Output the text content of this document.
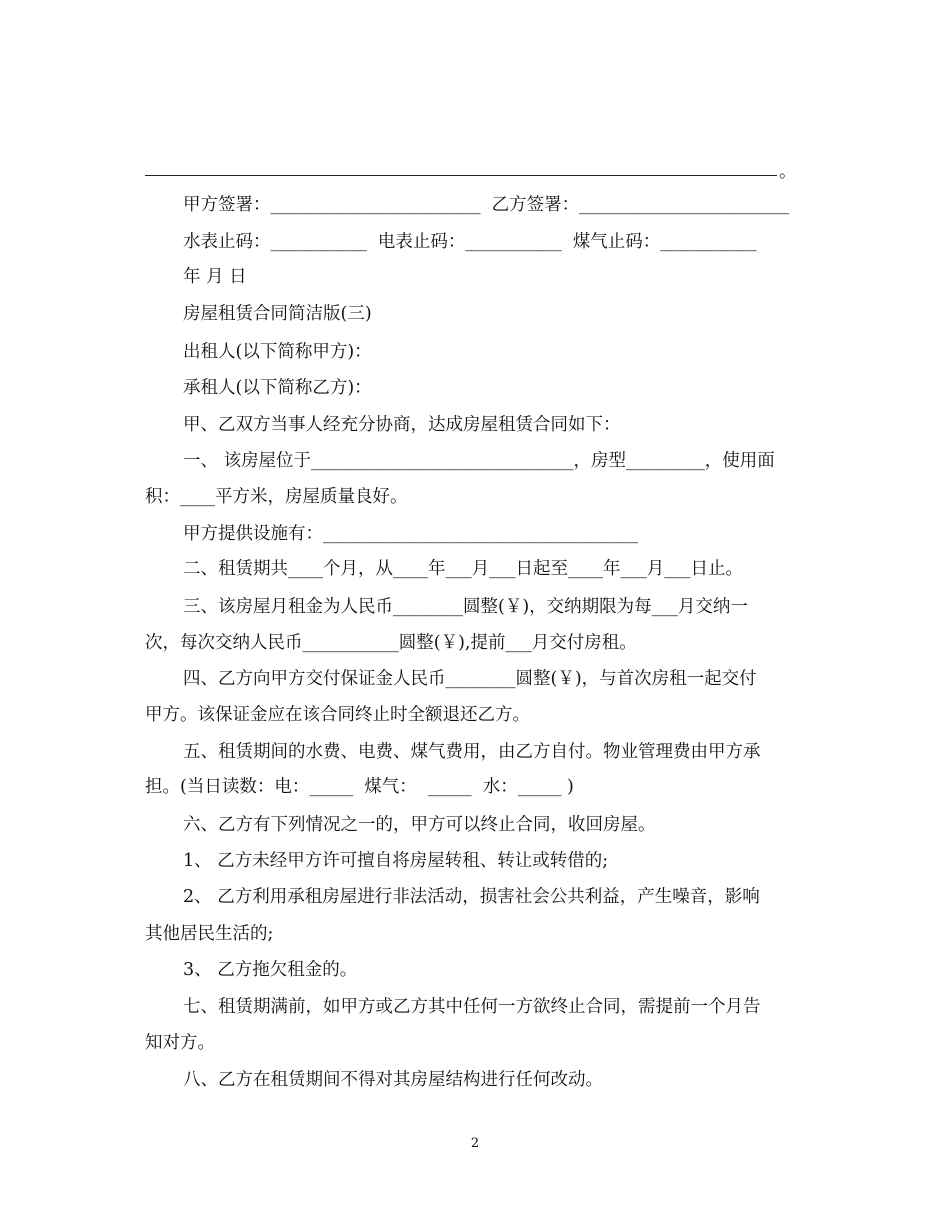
。
甲方签署：________________________  乙方签署：________________________
水表止码：___________  电表止码：___________  煤气止码：___________
年 月 日
房屋租赁合同简洁版(三)
出租人(以下简称甲方)：
承租人(以下简称乙方)：
甲、乙双方当事人经充分协商，达成房屋租赁合同如下：
一、 该房屋位于______________________________，房型_________，使用面
积：____平方米，房屋质量良好。
甲方提供设施有：____________________________________
二、租赁期共____个月，从____年___月___日起至____年___月___日止。
三、该房屋月租金为人民币________圆整(￥)，交纳期限为每___月交纳一
次，每次交纳人民币___________圆整(￥),提前___月交付房租。
四、乙方向甲方交付保证金人民币________圆整(￥)，与首次房租一起交付
甲方。该保证金应在该合同终止时全额退还乙方。
五、租赁期间的水费、电费、煤气费用，由乙方自付。物业管理费由甲方承
担。(当日读数：电：_____  煤气：  _____  水：_____ )
六、乙方有下列情况之一的，甲方可以终止合同，收回房屋。
1、 乙方未经甲方许可擅自将房屋转租、转让或转借的;
2、 乙方利用承租房屋进行非法活动，损害社会公共利益，产生噪音，影响
其他居民生活的;
3、 乙方拖欠租金的。
七、租赁期满前，如甲方或乙方其中任何一方欲终止合同，需提前一个月告
知对方。
八、乙方在租赁期间不得对其房屋结构进行任何改动。
2
